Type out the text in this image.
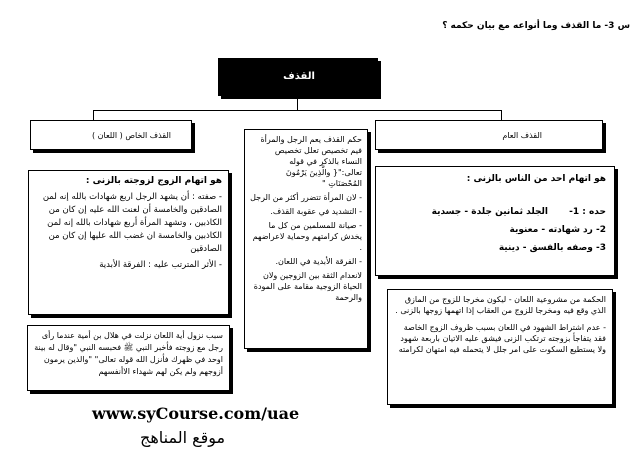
س 3- ما القذف وما أنواعه مع بيان حكمه ؟
القذف
القذف الخاص ( اللعان )	القذف العام
هو اتهام الزوج لزوجته بالزنى :
- صفته : أن يشهد الرجل اربع شهادات بالله إنه لمن الصادقين والخامسة أن لعنت الله عليه إن كان من الكاذبين ، وتشهد المرأة أربع شهادات بالله إنه لمن الكاذبين والخامسة ان غضب الله عليها إن كان من الصادقين
- الأثر المترتب عليه : الفرقة الأبدية
حكم القذف يعم الرجل والمرأة
فيم تخصيص تعلل تخصيص
النساء بالذكر في قوله
تعالى:"{ والَّذِينَ يَرْمُونَ
المُحْصَنَاتِ "
- لان المرأة تتضرر أكثر من الرجل
- التشديد في عقوبة القذف.
- صيانة للمسلمين من كل ما يخدش كرامتهم وحماية لاعراضهم .
- الفرقة الأبدية في اللعان.
لانعدام الثقة بين الزوجين ولان الحياة الزوجية مقامة على المودة والرحمة
هو اتهام احد من الناس بالزنى :
حده : 1-
الجلد ثمانين جلدة - جسدية
2- رد شهادته - معنوية
3- وصفه بالفسق - دينية
الحكمة من مشروعية اللعان - ليكون مخرجا للزوج من المازق الذي وقع فيه ومخرجا للزوج من العقاب إذا اتهمها زوجها بالزنى .
- عدم اشتراط الشهود في اللعان بسبب ظروف الزوج الخاصة فقد يتفاجأ بزوجته ترتكب الزنى فيشق عليه الاتيان باربعة شهود ولا يستطيع السكوت على امر جلل لا يتحمله فيه امتهان لكرامته
سبب نزول أية اللعان نزلت في هلال بن أمية عندما رأى رجل مع زوجته فأخبر النبي ﷺ فحبسه النبي "وقال له بينة اوحد في ظهرك فأنزل الله قوله تعالى" "والذين يرمون أزوجهم ولم يكن لهم شهداء الاأنفسهم
www.syCourse.com/uae
موقع المناهج
